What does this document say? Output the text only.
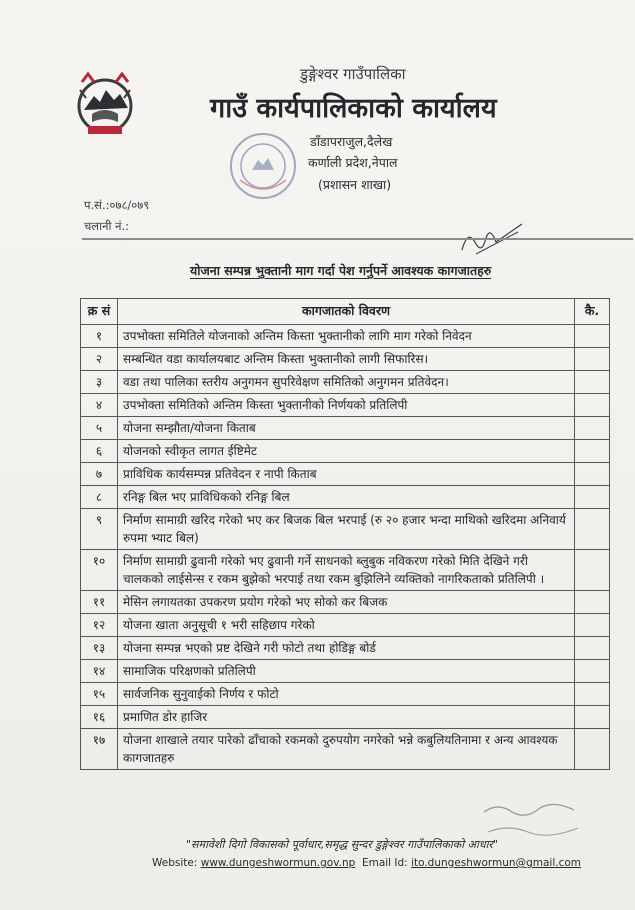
डुङ्गेश्वर गाउँपालिका
गाउँ कार्यपालिकाको कार्यालय
डाँडापराजुल,दैलेख
कर्णाली प्रदेश,नेपाल
(प्रशासन शाखा)
प.सं.:०७८/०७९
चलानी नं.:
योजना सम्पन्न भुक्तानी माग गर्दा पेश गर्नुपर्ने आवश्यक कागजातहरु
क्र सं	कागजातको विवरण	कै.
१	उपभोक्ता समितिले योजनाको अन्तिम किस्ता भुक्तानीको लागि माग गरेको निवेदन	
२	सम्बन्धित वडा कार्यालयबाट अन्तिम किस्ता भुक्तानीको लागी सिफारिस।	
३	वडा तथा पालिका स्तरीय अनुगमन सुपरिवेक्षण समितिको अनुगमन प्रतिवेदन।	
४	उपभोक्ता समितिको अन्तिम किस्ता भुक्तानीको निर्णयको प्रतिलिपी	
५	योजना सम्झौता/योजना किताब	
६	योजनको स्वीकृत लागत ईष्टिमेट	
७	प्राविधिक कार्यसम्पन्न प्रतिवेदन र नापी किताब	
८	रनिङ्ग बिल भए प्राविधिकको रनिङ्ग बिल	
९	निर्माण सामाग्री खरिद गरेको भए कर बिजक बिल भरपाई (रु २० हजार भन्दा माथिको खरिदमा अनिवार्य रुपमा भ्याट बिल)	
१०	निर्माण सामाग्री ढुवानी गरेको भए ढुवानी गर्ने साधनको ब्लुबुक नविकरण गरेको मिति देखिने गरी चालकको लाईसेन्स र रकम बुझेको भरपाई तथा रकम बुझिलिने व्यक्तिको नागरिकताको प्रतिलिपी ।	
११	मेसिन लगायतका उपकरण प्रयोग गरेको भए सोको कर बिजक	
१२	योजना खाता अनुसूची १ भरी सहिछाप गरेको	
१३	योजना सम्पन्न भएको प्रष्ट देखिने गरी फोटो तथा होडिङ्ग बोर्ड	
१४	सामाजिक परिक्षणको प्रतिलिपी	
१५	सार्वजनिक सुनुवाईको निर्णय र फोटो	
१६	प्रमाणित डोर हाजिर	
१७	योजना शाखाले तयार पारेको ढाँचाको रकमको दुरुपयोग नगरेको भन्ने कबुलियतिनामा र अन्य आवश्यक कागजातहरु	
"समावेशी दिगो विकासको पूर्वाधार,समृद्ध सुन्दर डुङ्गेश्वर गाउँपालिकाको आधार"
Website: www.dungeshwormun.gov.np Email Id: ito.dungeshwormun@gmail.com
